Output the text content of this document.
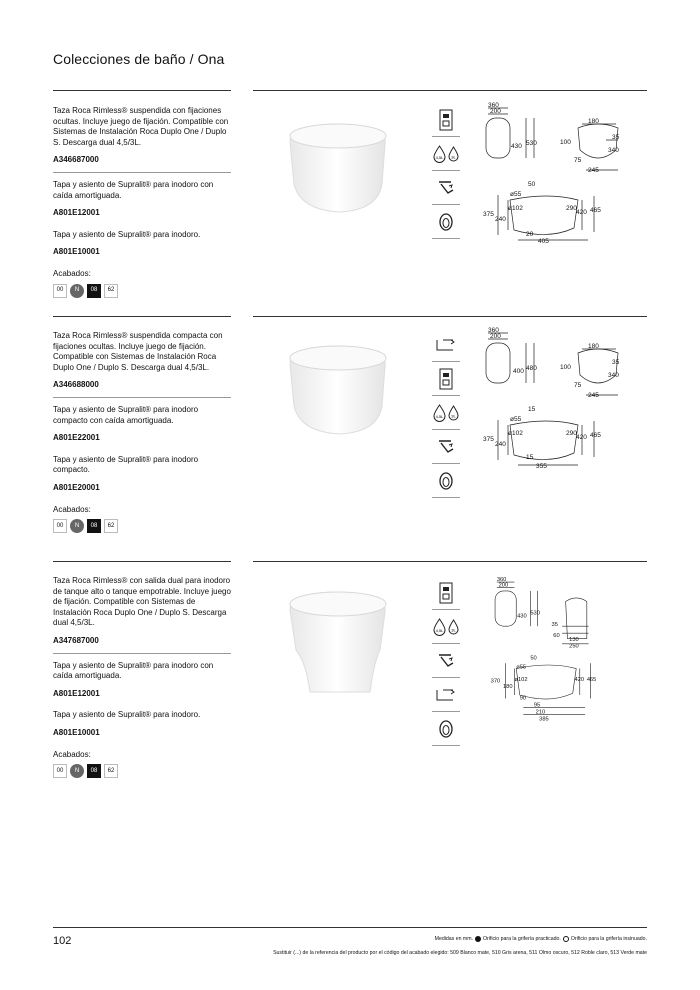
Colecciones de baño / Ona

Taza Roca Rimless® suspendida con fijaciones ocultas. Incluye juego de fijación. Compatible con Sistemas de Instalación Roca Duplo One / Duplo S. Descarga dual 4,5/3L.

A346687000

Tapa y asiento de Supralit® para inodoro con caída amortiguada.

A801E12001

Tapa y asiento de Supralit® para inodoro.

A801E10001

Acabados:

00	N	08	62
4,5L 3L
360
200
430 530
180
35
100
340
75
245
50
ø55
ø102
375
240
290
420 465
20
405

Taza Roca Rimless® suspendida compacta con fijaciones ocultas. Incluye juego de fijación. Compatible con Sistemas de Instalación Roca Duplo One / Duplo S. Descarga dual 4,5/3L.

A346688000

Tapa y asiento de Supralit® para inodoro compacto con caída amortiguada.

A801E22001

Tapa y asiento de Supralit® para inodoro compacto.

A801E20001

Acabados:

00	N	08	62
4,5L 3L
360
200
400 480
180
35
100
340
75
245
15
ø55
ø102
375
240
290
420 465
15
355

Taza Roca Rimless® con salida dual para inodoro de tanque alto o tanque empotrable. Incluye juego de fijación. Compatible con Sistemas de Instalación Roca Duplo One / Duplo S. Descarga dual 4,5/3L.

A347687000

Tapa y asiento de Supralit® para inodoro con caída amortiguada.

A801E12001

Tapa y asiento de Supralit® para inodoro.

A801E10001

Acabados:

00	N	08	62
4,5L 3L
360
200
430 530
35
60
130
250
50
ø55
ø102
370
180
420 465
90
95
210
385
102	Medidas en mm. Orificio para la grifería practicado. Orificio para la grifería insinuado.
Sustituir (...) de la referencia del producto por el código del acabado elegido: 509 Blanco mate, 510 Gris arena, 511 Olmo oscuro, 512 Roble claro, 513 Verde mate
